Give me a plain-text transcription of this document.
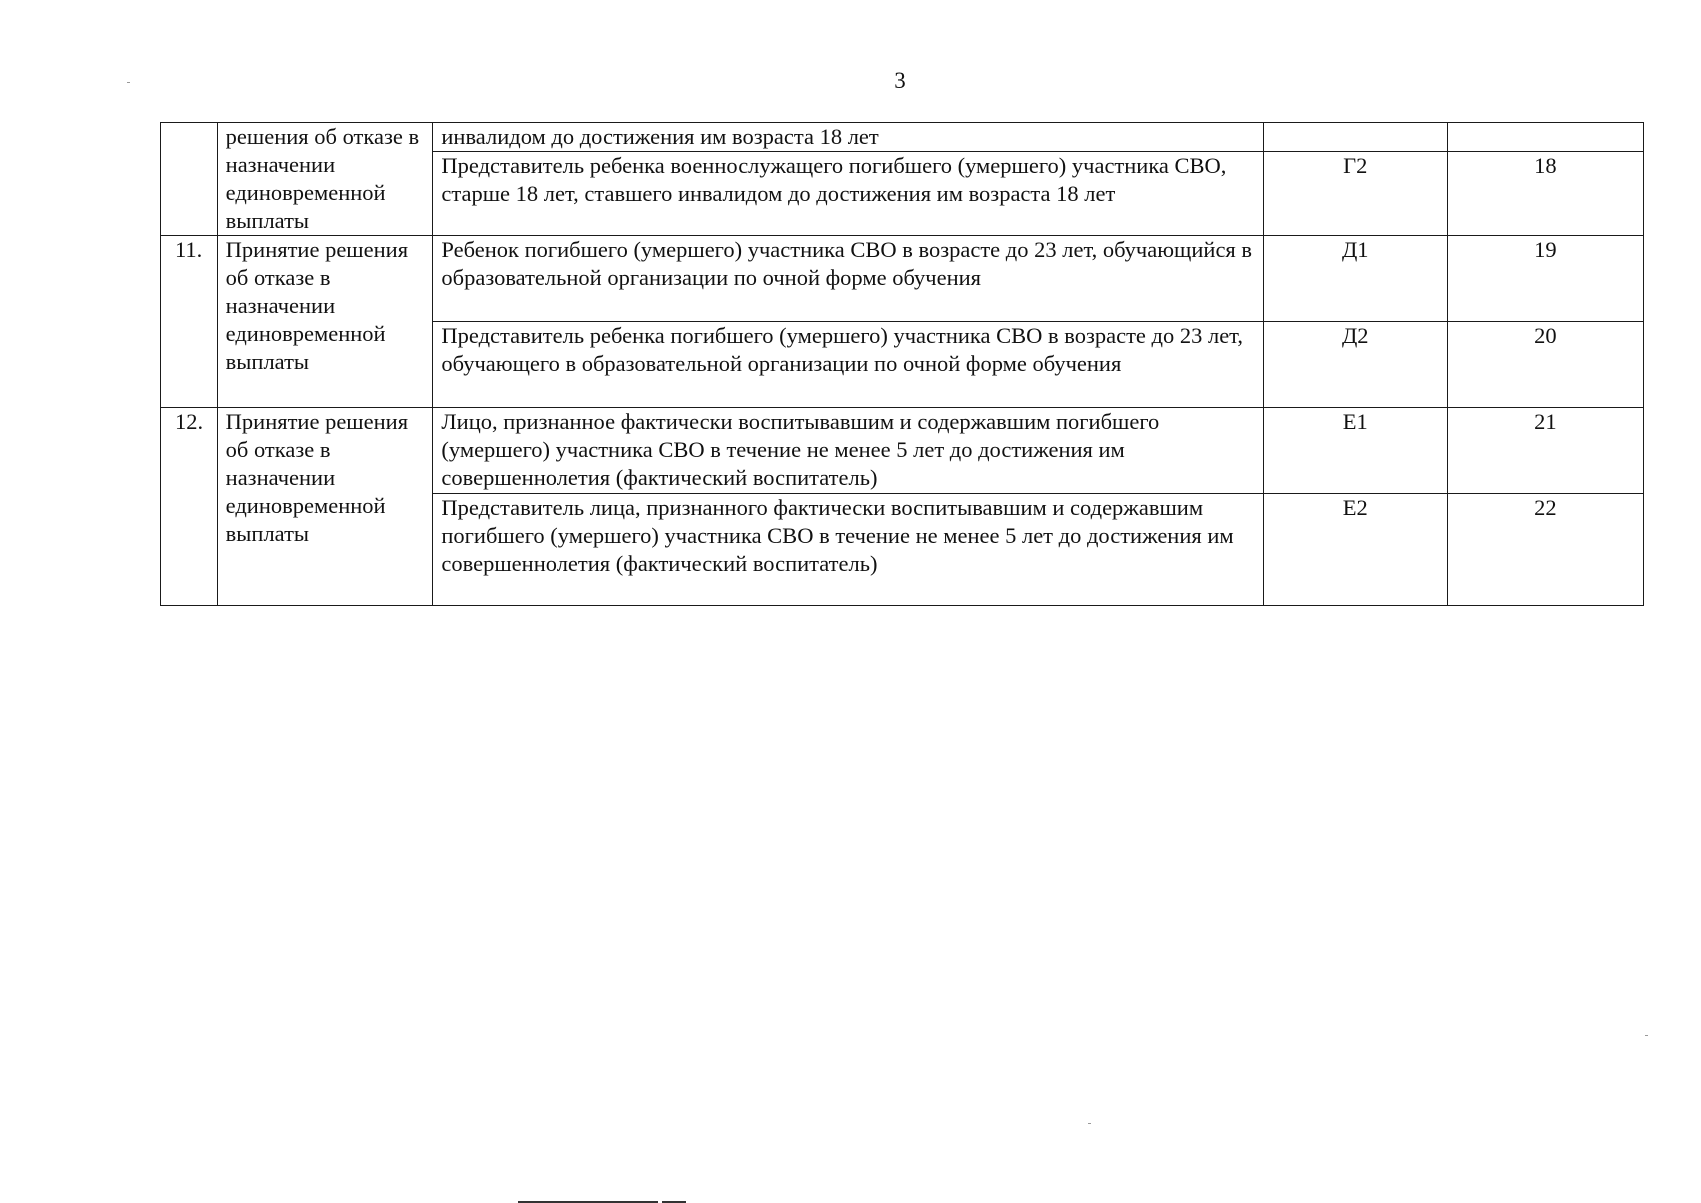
3
	решения об отказе в назначении единовременной выплаты	инвалидом до достижения им возраста 18 лет		
		Представитель ребенка военнослужащего погибшего (умершего) участника СВО, старше 18 лет, ставшего инвалидом до достижения им возраста 18 лет	Г2	18
11.	Принятие решения об отказе в назначении единовременной выплаты	Ребенок погибшего (умершего) участника СВО в возрасте до 23 лет, обучающийся в образовательной организации по очной форме обучения	Д1	19
		Представитель ребенка погибшего (умершего) участника СВО в возрасте до 23 лет, обучающего в образовательной организации по очной форме обучения	Д2	20
12.	Принятие решения об отказе в назначении единовременной выплаты	Лицо, признанное фактически воспитывавшим и содержавшим погибшего (умершего) участника СВО в течение не менее 5 лет до достижения им совершеннолетия (фактический воспитатель)	Е1	21
		Представитель лица, признанного фактически воспитывавшим и содержавшим погибшего (умершего) участника СВО в течение не менее 5 лет до достижения им совершеннолетия (фактический воспитатель)	Е2	22
